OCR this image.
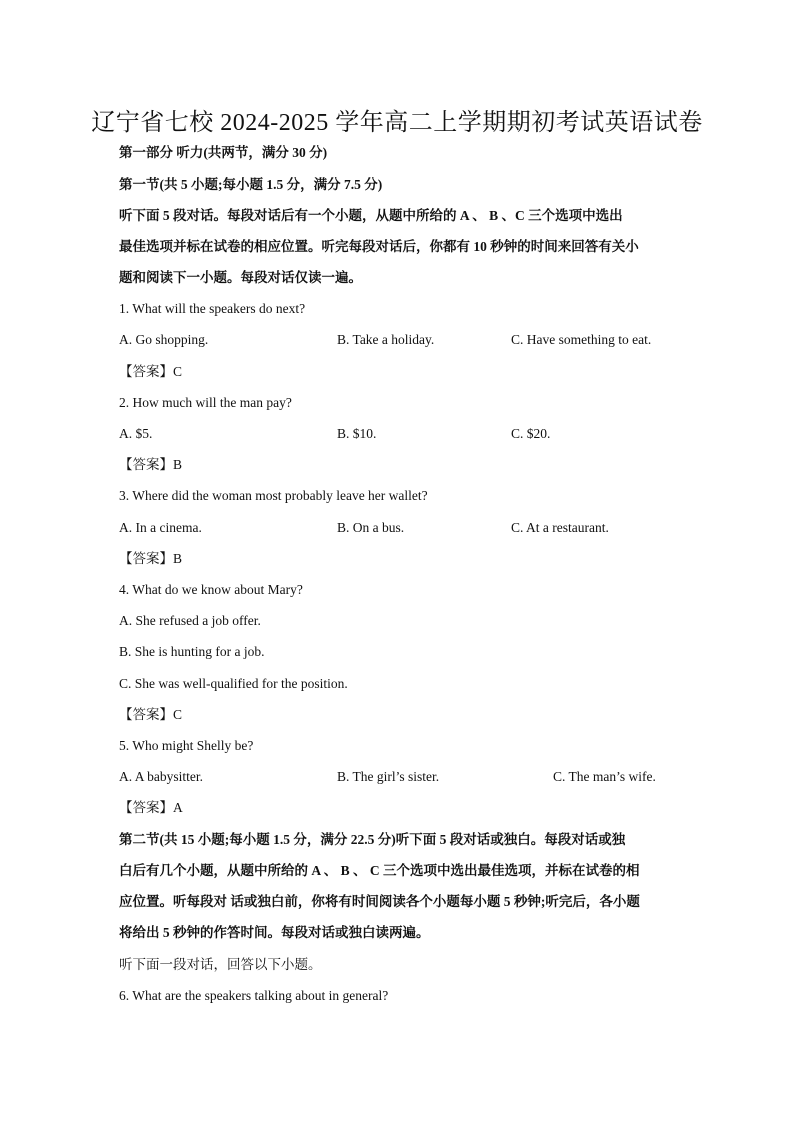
辽宁省七校 2024-2025 学年高二上学期期初考试英语试卷
第一部分 听力(共两节，满分 30 分)
第一节(共 5 小题;每小题 1.5 分，满分 7.5 分)
听下面 5 段对话。每段对话后有一个小题，从题中所给的 A 、 B 、C 三个选项中选出
最佳选项并标在试卷的相应位置。听完每段对话后，你都有 10 秒钟的时间来回答有关小
题和阅读下一小题。每段对话仅读一遍。
1. What will the speakers do next?
A. Go shopping.	B. Take a holiday.	C. Have something to eat.
【答案】C
2. How much will the man pay?
A. $5.	B. $10.	C. $20.
【答案】B
3. Where did the woman most probably leave her wallet?
A. In a cinema.	B. On a bus.	C. At a restaurant.
【答案】B
4. What do we know about Mary?
A. She refused a job offer.
B. She is hunting for a job.
C. She was well-qualified for the position.
【答案】C
5. Who might Shelly be?
A. A babysitter.	B. The girl’s sister.	C. The man’s wife.
【答案】A
第二节(共 15 小题;每小题 1.5 分，满分 22.5 分)听下面 5 段对话或独白。每段对话或独
白后有几个小题，从题中所给的 A 、 B 、 C 三个选项中选出最佳选项，并标在试卷的相
应位置。听每段对 话或独白前，你将有时间阅读各个小题每小题 5 秒钟;听完后，各小题
将给出 5 秒钟的作答时间。每段对话或独白读两遍。
听下面一段对话，回答以下小题。
6. What are the speakers talking about in general?
